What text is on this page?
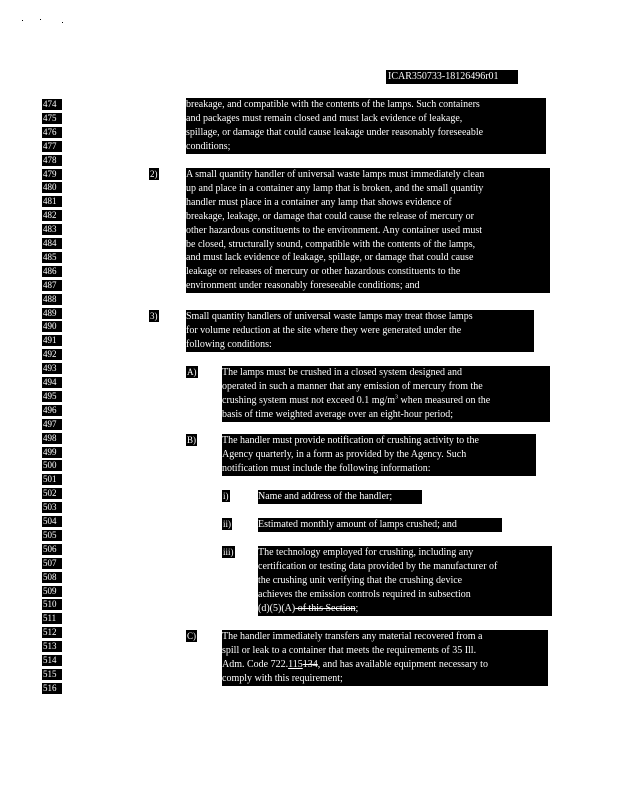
ICAR350733-18126496r01
474
475
476
477
478
479
480
481
482
483
484
485
486
487
488
489
490
491
492
493
494
495
496
497
498
499
500
501
502
503
504
505
506
507
508
509
510
511
512
513
514
515
516
breakage, and compatible with the contents of the lamps. Such containers
and packages must remain closed and must lack evidence of leakage,
spillage, or damage that could cause leakage under reasonably foreseeable
conditions;
2)	A small quantity handler of universal waste lamps must immediately clean
up and place in a container any lamp that is broken, and the small quantity
handler must place in a container any lamp that shows evidence of
breakage, leakage, or damage that could cause the release of mercury or
other hazardous constituents to the environment. Any container used must
be closed, structurally sound, compatible with the contents of the lamps,
and must lack evidence of leakage, spillage, or damage that could cause
leakage or releases of mercury or other hazardous constituents to the
environment under reasonably foreseeable conditions; and
3)	Small quantity handlers of universal waste lamps may treat those lamps
for volume reduction at the site where they were generated under the
following conditions:
A)	The lamps must be crushed in a closed system designed and
operated in such a manner that any emission of mercury from the
crushing system must not exceed 0.1 $mg/m^3$ when measured on the
basis of time weighted average over an eight-hour period;
B)	The handler must provide notification of crushing activity to the
Agency quarterly, in a form as provided by the Agency. Such
notification must include the following information:
i)	Name and address of the handler;
ii)	Estimated monthly amount of lamps crushed; and
iii) The technology employed for crushing, including any
certification or testing data provided by the manufacturer of
the crushing unit verifying that the crushing device
achieves the emission controls required in subsection
(d)(5)(A) of this Section;
C)	The handler immediately transfers any material recovered from a
spill or leak to a container that meets the requirements of 35 Ill.
Adm. Code 722.115134, and has available equipment necessary to
comply with this requirement;
